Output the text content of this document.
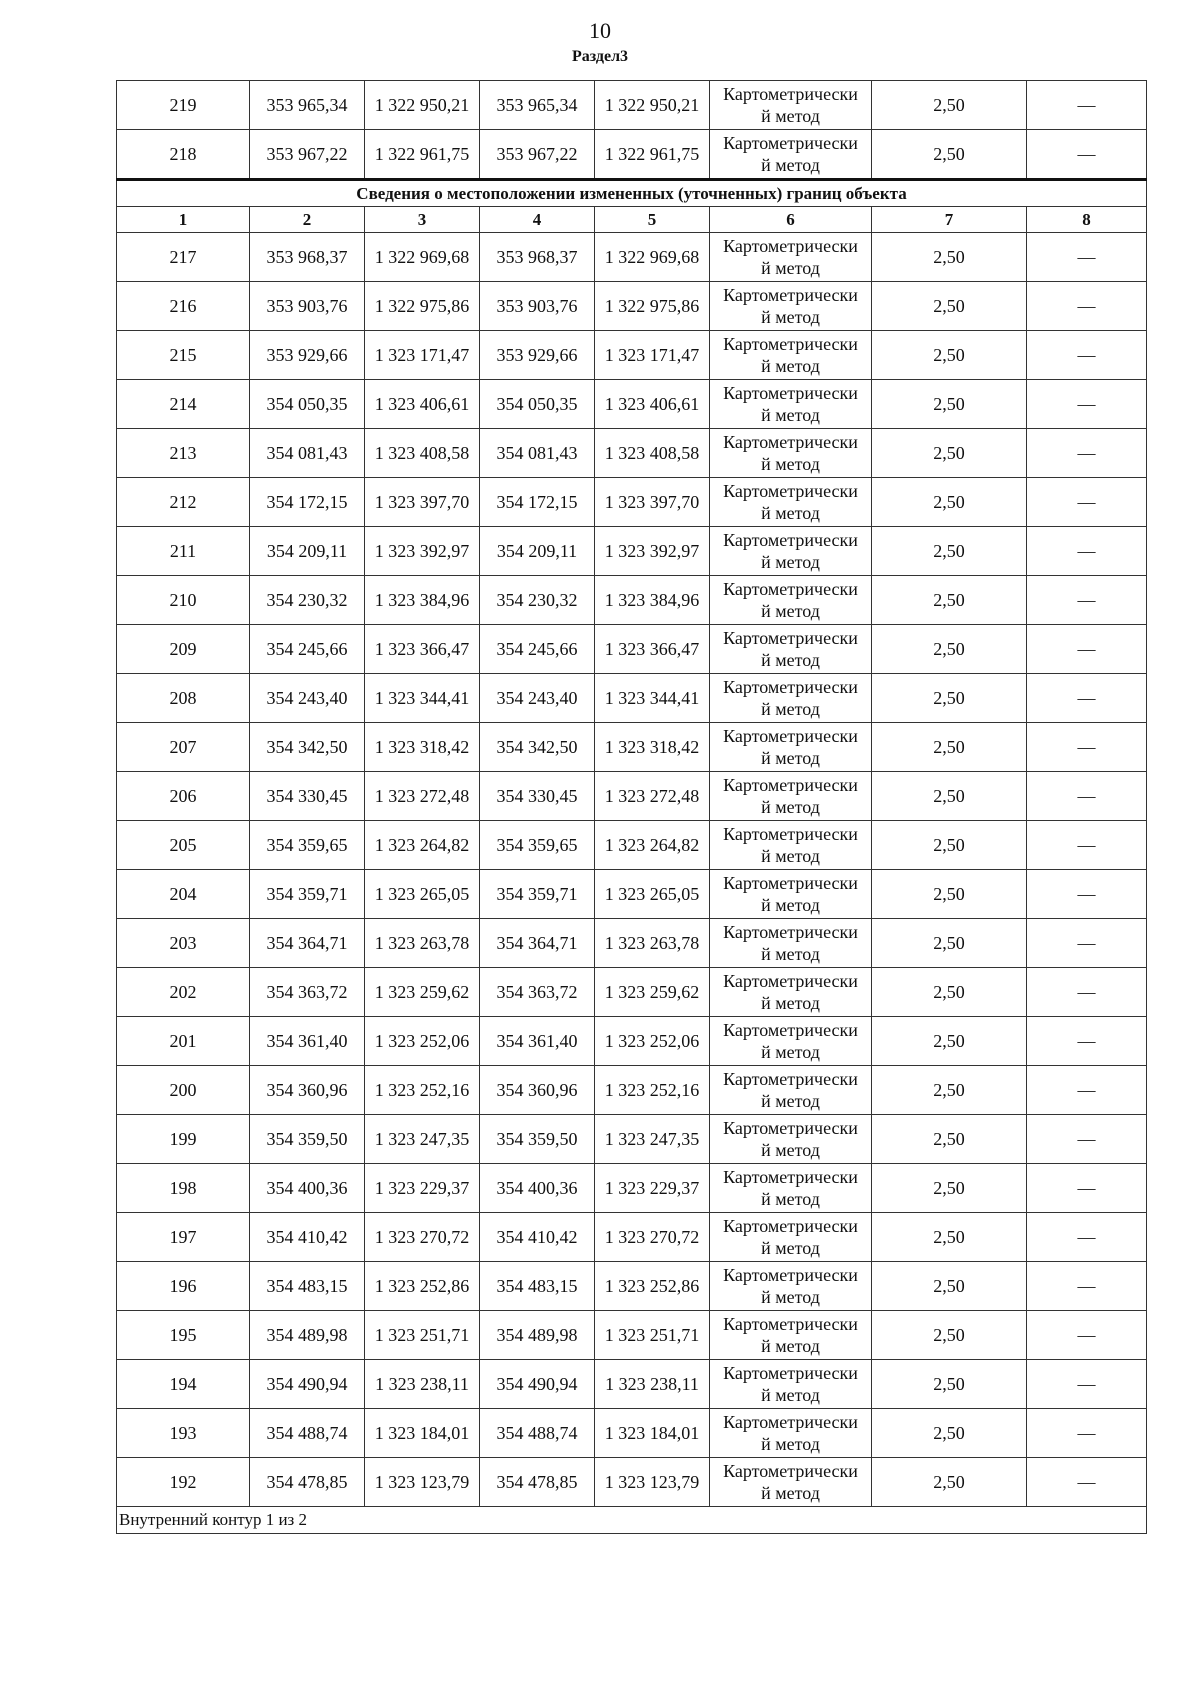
10
Раздел3
219	353 965,34	1 322 950,21	353 965,34	1 322 950,21	Картометрически
й метод	2,50	—
218	353 967,22	1 322 961,75	353 967,22	1 322 961,75	Картометрически
й метод	2,50	—
Сведения о местоположении измененных (уточненных) границ объекта							
1	2	3	4	5	6	7	8
217	353 968,37	1 322 969,68	353 968,37	1 322 969,68	Картометрически
й метод	2,50	—
216	353 903,76	1 322 975,86	353 903,76	1 322 975,86	Картометрически
й метод	2,50	—
215	353 929,66	1 323 171,47	353 929,66	1 323 171,47	Картометрически
й метод	2,50	—
214	354 050,35	1 323 406,61	354 050,35	1 323 406,61	Картометрически
й метод	2,50	—
213	354 081,43	1 323 408,58	354 081,43	1 323 408,58	Картометрически
й метод	2,50	—
212	354 172,15	1 323 397,70	354 172,15	1 323 397,70	Картометрически
й метод	2,50	—
211	354 209,11	1 323 392,97	354 209,11	1 323 392,97	Картометрически
й метод	2,50	—
210	354 230,32	1 323 384,96	354 230,32	1 323 384,96	Картометрически
й метод	2,50	—
209	354 245,66	1 323 366,47	354 245,66	1 323 366,47	Картометрически
й метод	2,50	—
208	354 243,40	1 323 344,41	354 243,40	1 323 344,41	Картометрически
й метод	2,50	—
207	354 342,50	1 323 318,42	354 342,50	1 323 318,42	Картометрически
й метод	2,50	—
206	354 330,45	1 323 272,48	354 330,45	1 323 272,48	Картометрически
й метод	2,50	—
205	354 359,65	1 323 264,82	354 359,65	1 323 264,82	Картометрически
й метод	2,50	—
204	354 359,71	1 323 265,05	354 359,71	1 323 265,05	Картометрически
й метод	2,50	—
203	354 364,71	1 323 263,78	354 364,71	1 323 263,78	Картометрически
й метод	2,50	—
202	354 363,72	1 323 259,62	354 363,72	1 323 259,62	Картометрически
й метод	2,50	—
201	354 361,40	1 323 252,06	354 361,40	1 323 252,06	Картометрически
й метод	2,50	—
200	354 360,96	1 323 252,16	354 360,96	1 323 252,16	Картометрически
й метод	2,50	—
199	354 359,50	1 323 247,35	354 359,50	1 323 247,35	Картометрически
й метод	2,50	—
198	354 400,36	1 323 229,37	354 400,36	1 323 229,37	Картометрически
й метод	2,50	—
197	354 410,42	1 323 270,72	354 410,42	1 323 270,72	Картометрически
й метод	2,50	—
196	354 483,15	1 323 252,86	354 483,15	1 323 252,86	Картометрически
й метод	2,50	—
195	354 489,98	1 323 251,71	354 489,98	1 323 251,71	Картометрически
й метод	2,50	—
194	354 490,94	1 323 238,11	354 490,94	1 323 238,11	Картометрически
й метод	2,50	—
193	354 488,74	1 323 184,01	354 488,74	1 323 184,01	Картометрически
й метод	2,50	—
192	354 478,85	1 323 123,79	354 478,85	1 323 123,79	Картометрически
й метод	2,50	—
Внутренний контур 1 из 2							
